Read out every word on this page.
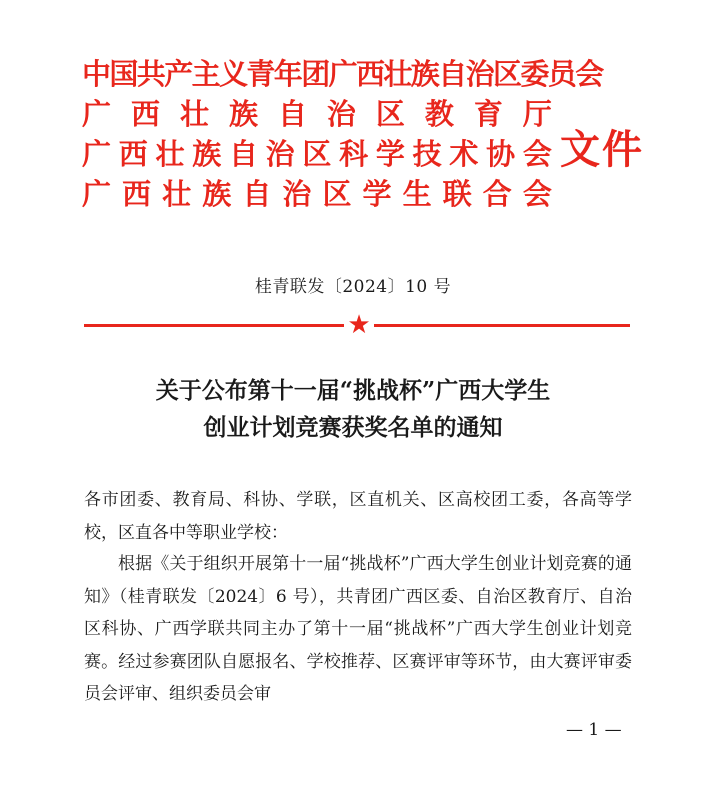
中国共产主义青年团广西壮族自治区委员会
广 西 壮 族 自 治 区 教 育 厅
广 西 壮 族 自 治 区 科 学 技 术 协 会
广 西 壮 族 自 治 区 学 生 联 合 会
文件
桂青联发〔2024〕10 号
★
关于公布第十一届“挑战杯”广西大学生
创业计划竞赛获奖名单的通知
各市团委、教育局、科协、学联，区直机关、区高校团工委，各高等学校，区直各中等职业学校：
根据《关于组织开展第十一届“挑战杯”广西大学生创业计划竞赛的通知》（桂青联发〔2024〕6 号），共青团广西区委、自治区教育厅、自治区科协、广西学联共同主办了第十一届“挑战杯”广西大学生创业计划竞赛。经过参赛团队自愿报名、学校推荐、区赛评审等环节，由大赛评审委员会评审、组织委员会审
— 1 —
